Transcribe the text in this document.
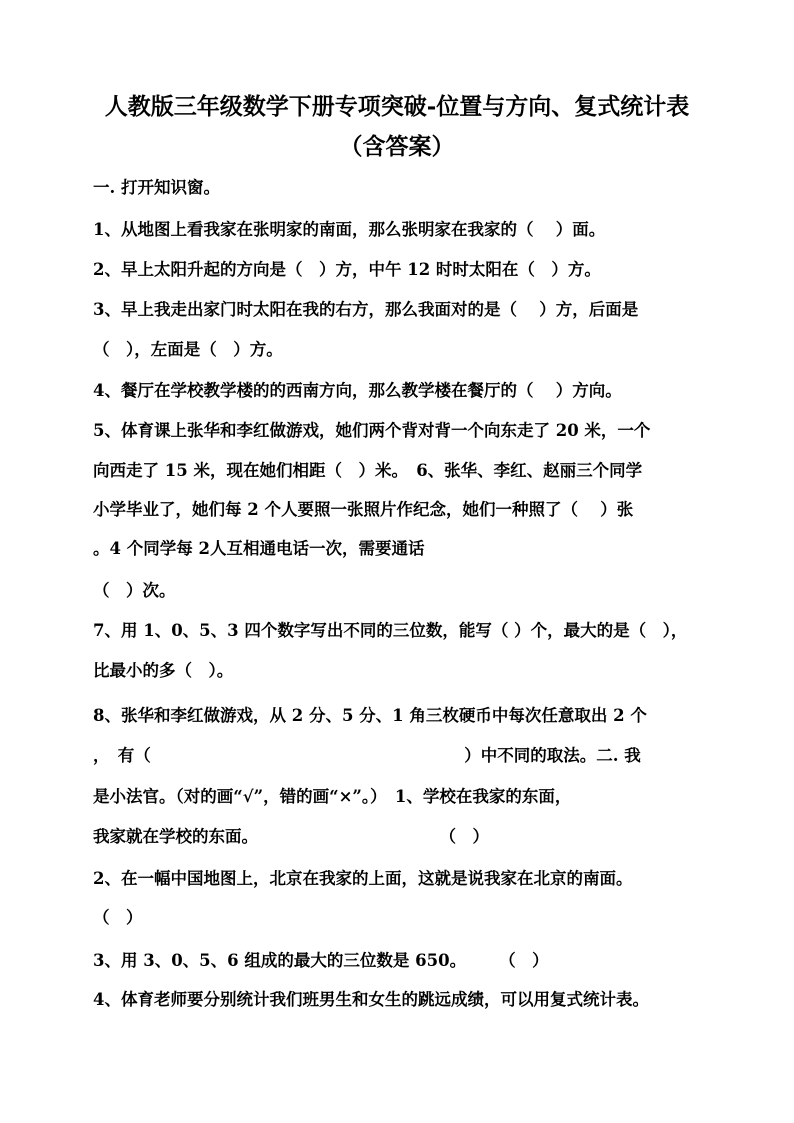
人教版三年级数学下册专项突破-位置与方向、复式统计表
（含答案）
一. 打开知识窗。
1、从地图上看我家在张明家的南面，那么张明家在我家的（　 ）面。
2、早上太阳升起的方向是（　）方，中午 12 时时太阳在（　）方。
3、早上我走出家门时太阳在我的右方，那么我面对的是（　 ）方，后面是
（　），左面是（　）方。
4、餐厅在学校教学楼的的西南方向，那么教学楼在餐厅的（　 ）方向。
5、体育课上张华和李红做游戏，她们两个背对背一个向东走了 20 米，一个
向西走了 15 米，现在她们相距（　）米。　6、张华、李红、赵丽三个同学
小学毕业了，她们每 2 个人要照一张照片作纪念，她们一种照了（　 ）张
。4 个同学每 2人互相通电话一次，需要通话
（　）次。
7、用 1、0、5、3 四个数字写出不同的三位数，能写（ ）个，最大的是（　），
比最小的多（　）。
8、张华和李红做游戏，从 2 分、5 分、1 角三枚硬币中每次任意取出 2 个
，　有（　　　　　　　　　　　　　　　　　　　）中不同的取法。二. 我
是小法官。（对的画“√”，错的画“×”。）　1、学校在我家的东面，
我家就在学校的东面。　　　　　　　　　　　　（　）
2、在一幅中国地图上，北京在我家的上面，这就是说我家在北京的南面。
（　）
3、用 3、0、5、6 组成的最大的三位数是 650。　　　（　）
4、体育老师要分别统计我们班男生和女生的跳远成绩，可以用复式统计表。
